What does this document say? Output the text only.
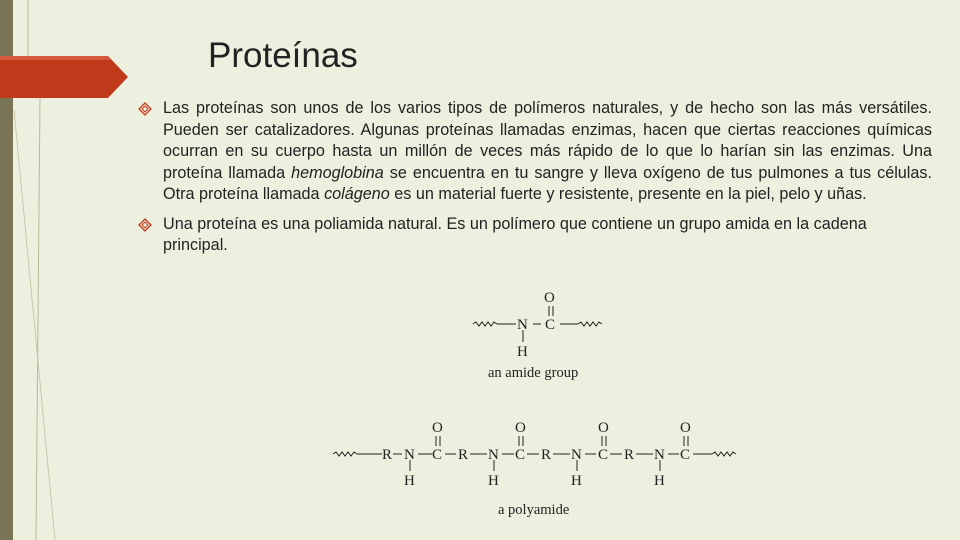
Proteínas
Las proteínas son unos de los varios tipos de polímeros naturales, y de hecho son las más versátiles. Pueden ser catalizadores. Algunas proteínas llamadas enzimas, hacen que ciertas reacciones químicas ocurran en su cuerpo hasta un millón de veces más rápido de lo que lo harían sin las enzimas. Una proteína llamada hemoglobina se encuentra en tu sangre y lleva oxígeno de tus pulmones a tus células. Otra proteína llamada colágeno es un material fuerte y resistente, presente en la piel, pelo y uñas.
Una proteína es una poliamida natural. Es un polímero que contiene un grupo amida en la cadena principal.
O
N C
H
an amide group
R N C
O
H
R N C
O
H
R N C
O
H
R N C
O
H
a polyamide
